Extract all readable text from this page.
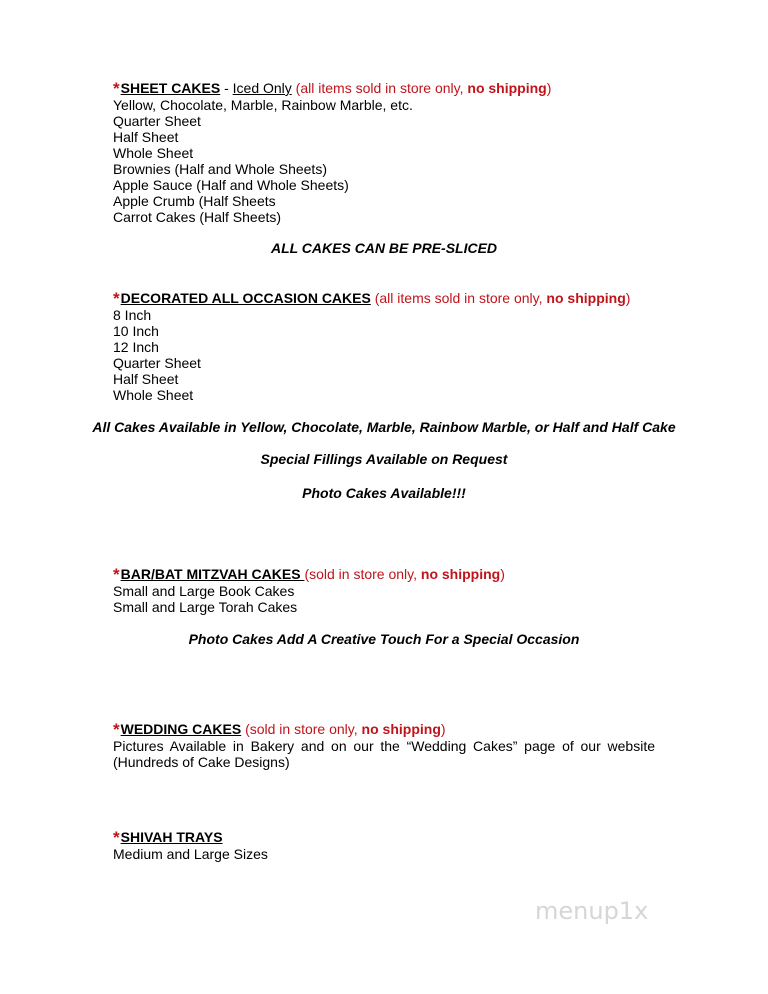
*SHEET CAKES - Iced Only (all items sold in store only, no shipping)
Yellow, Chocolate, Marble, Rainbow Marble, etc.
Quarter Sheet
Half Sheet
Whole Sheet
Brownies (Half and Whole Sheets)
Apple Sauce (Half and Whole Sheets)
Apple Crumb (Half Sheets
Carrot Cakes (Half Sheets)
ALL CAKES CAN BE PRE-SLICED
*DECORATED ALL OCCASION CAKES (all items sold in store only, no shipping)
8 Inch
10 Inch
12 Inch
Quarter Sheet
Half Sheet
Whole Sheet
All Cakes Available in Yellow, Chocolate, Marble, Rainbow Marble, or Half and Half Cake
Special Fillings Available on Request
Photo Cakes Available!!!
*BAR/BAT MITZVAH CAKES (sold in store only, no shipping)
Small and Large Book Cakes
Small and Large Torah Cakes
Photo Cakes Add A Creative Touch For a Special Occasion
*WEDDING CAKES (sold in store only, no shipping)
Pictures Available in Bakery and on our the “Wedding Cakes” page of our website (Hundreds of Cake Designs)
*SHIVAH TRAYS
Medium and Large Sizes
menup1x
